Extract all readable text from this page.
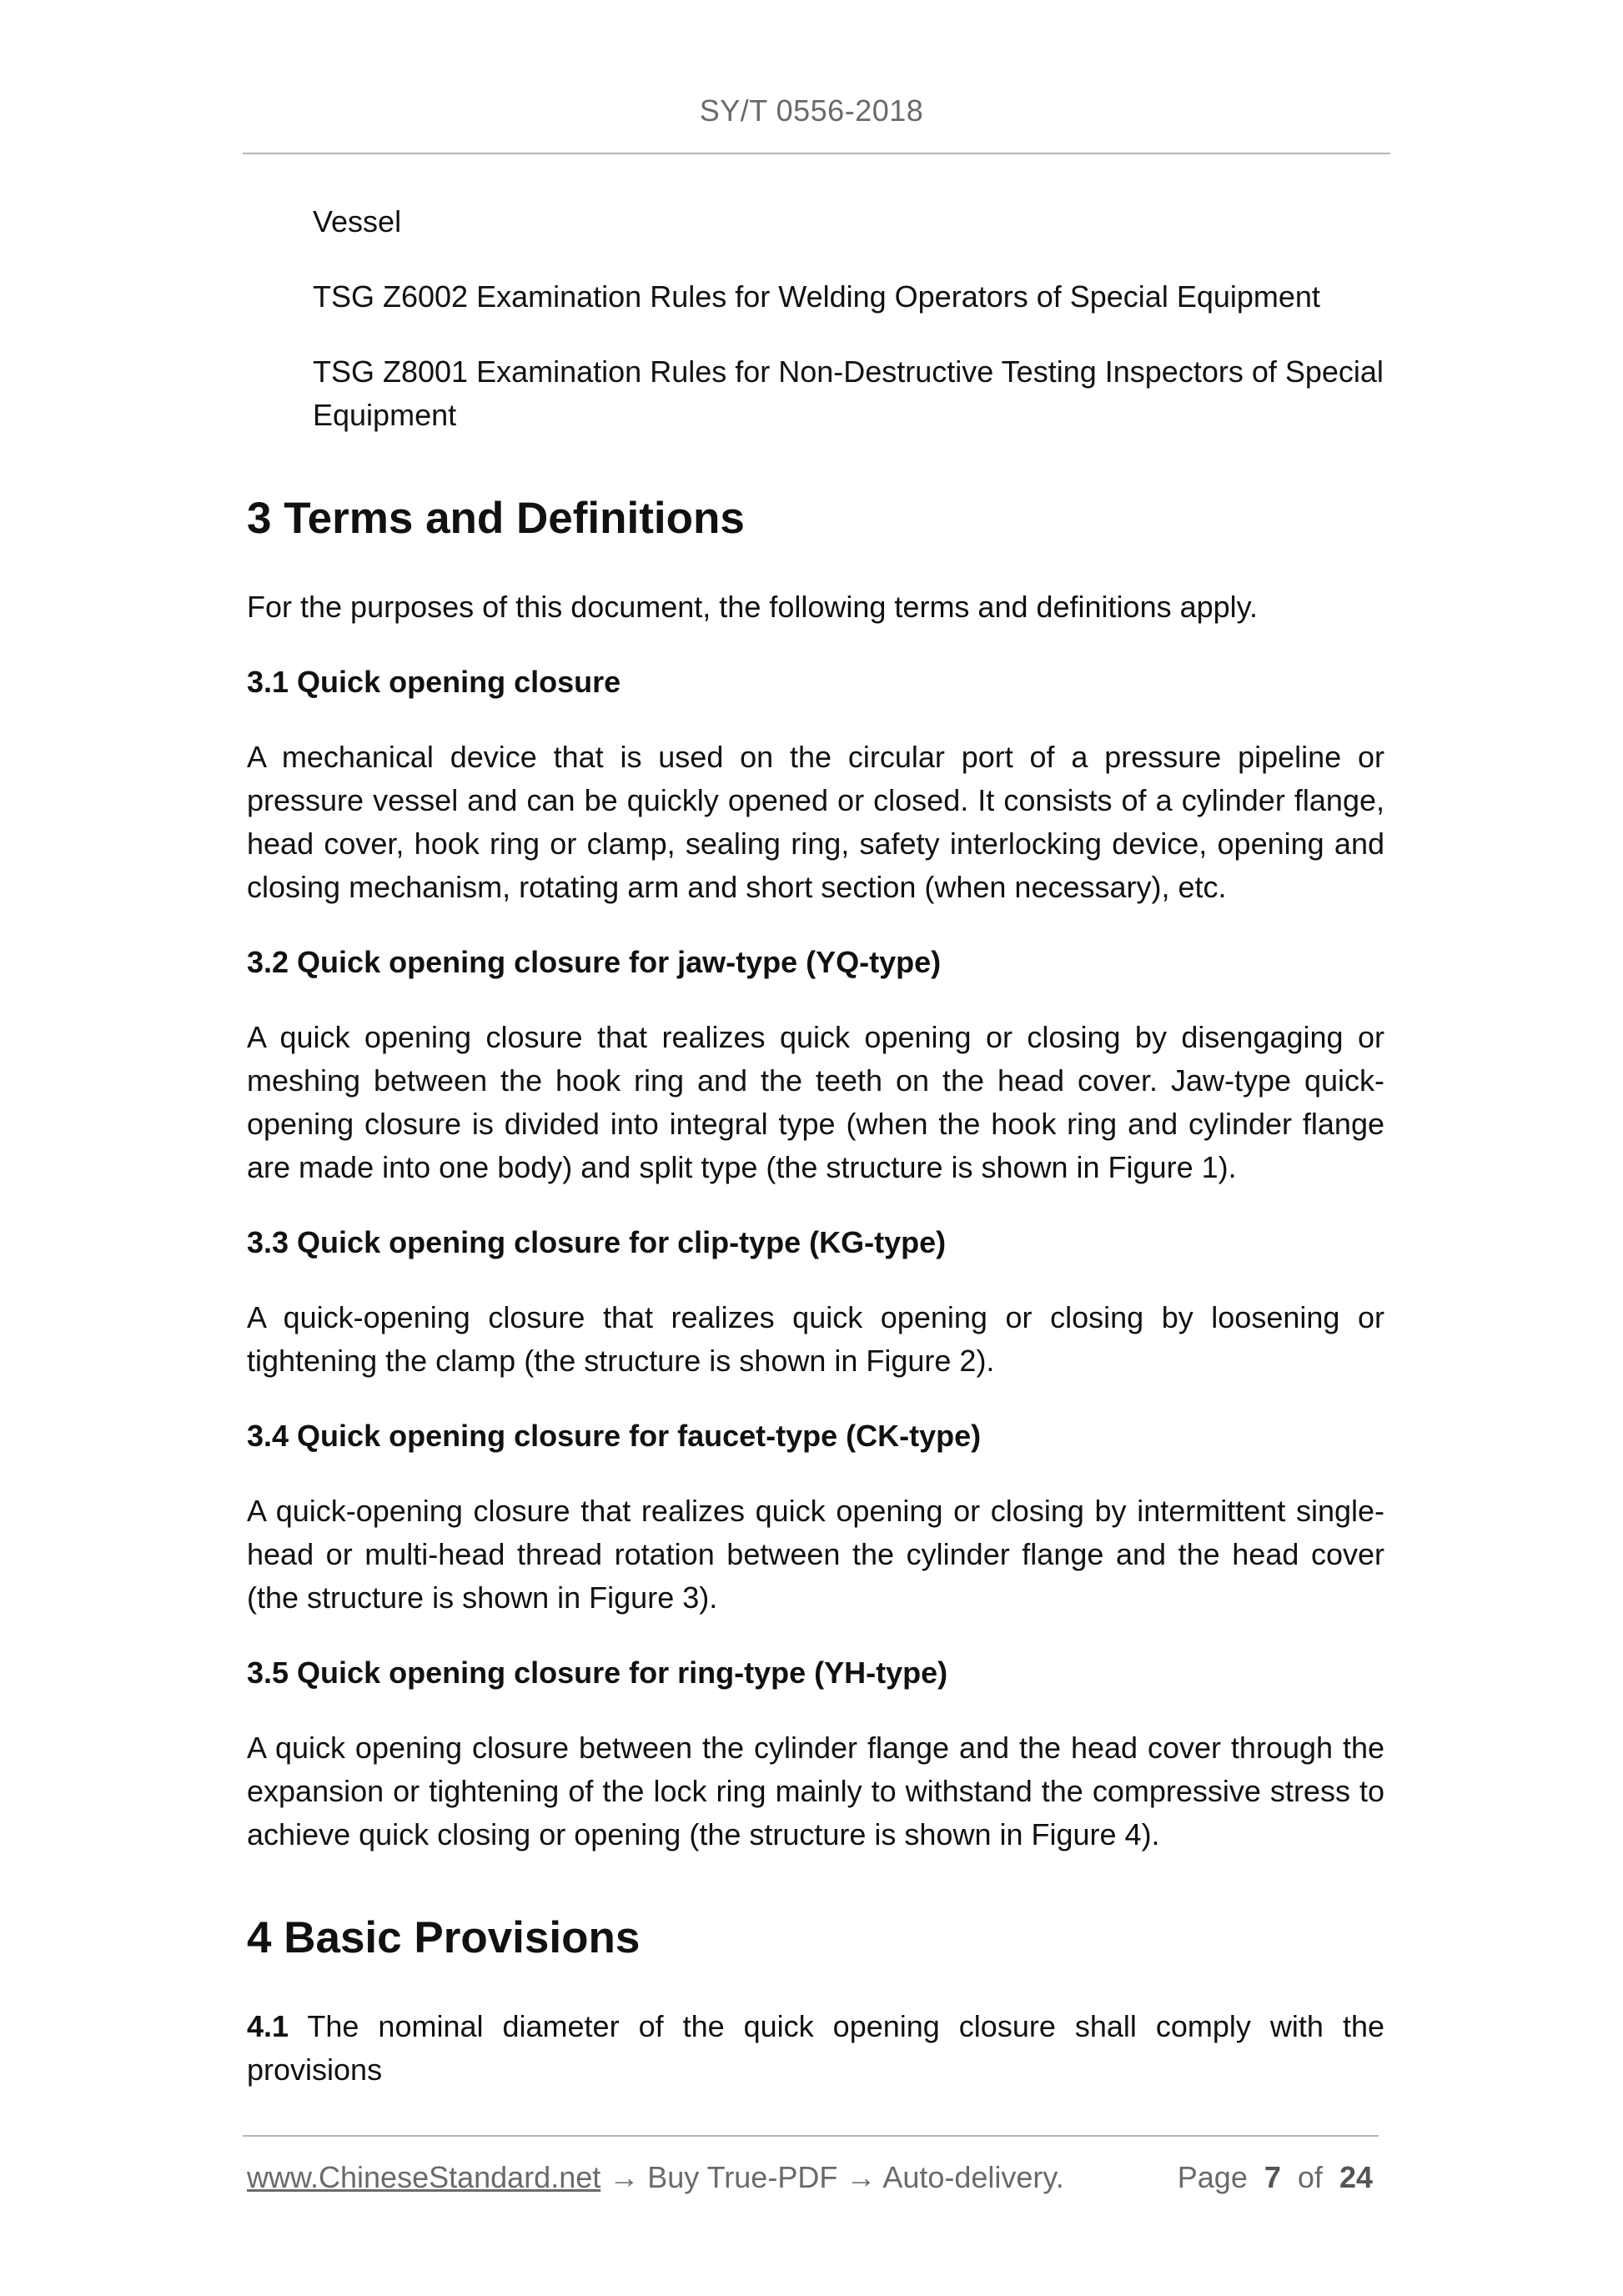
SY/T 0556-2018
Vessel
TSG Z6002 Examination Rules for Welding Operators of Special Equipment
TSG Z8001 Examination Rules for Non-Destructive Testing Inspectors of Special Equipment
3 Terms and Definitions
For the purposes of this document, the following terms and definitions apply.
3.1 Quick opening closure
A mechanical device that is used on the circular port of a pressure pipeline or pressure vessel and can be quickly opened or closed. It consists of a cylinder flange, head cover, hook ring or clamp, sealing ring, safety interlocking device, opening and closing mechanism, rotating arm and short section (when necessary), etc.
3.2 Quick opening closure for jaw-type (YQ-type)
A quick opening closure that realizes quick opening or closing by disengaging or meshing between the hook ring and the teeth on the head cover. Jaw-type quick-opening closure is divided into integral type (when the hook ring and cylinder flange are made into one body) and split type (the structure is shown in Figure 1).
3.3 Quick opening closure for clip-type (KG-type)
A quick-opening closure that realizes quick opening or closing by loosening or tightening the clamp (the structure is shown in Figure 2).
3.4 Quick opening closure for faucet-type (CK-type)
A quick-opening closure that realizes quick opening or closing by intermittent single-head or multi-head thread rotation between the cylinder flange and the head cover (the structure is shown in Figure 3).
3.5 Quick opening closure for ring-type (YH-type)
A quick opening closure between the cylinder flange and the head cover through the expansion or tightening of the lock ring mainly to withstand the compressive stress to achieve quick closing or opening (the structure is shown in Figure 4).
4 Basic Provisions
4.1 The nominal diameter of the quick opening closure shall comply with the provisions
www.ChineseStandard.net → Buy True-PDF → Auto-delivery.	Page 7 of 24
